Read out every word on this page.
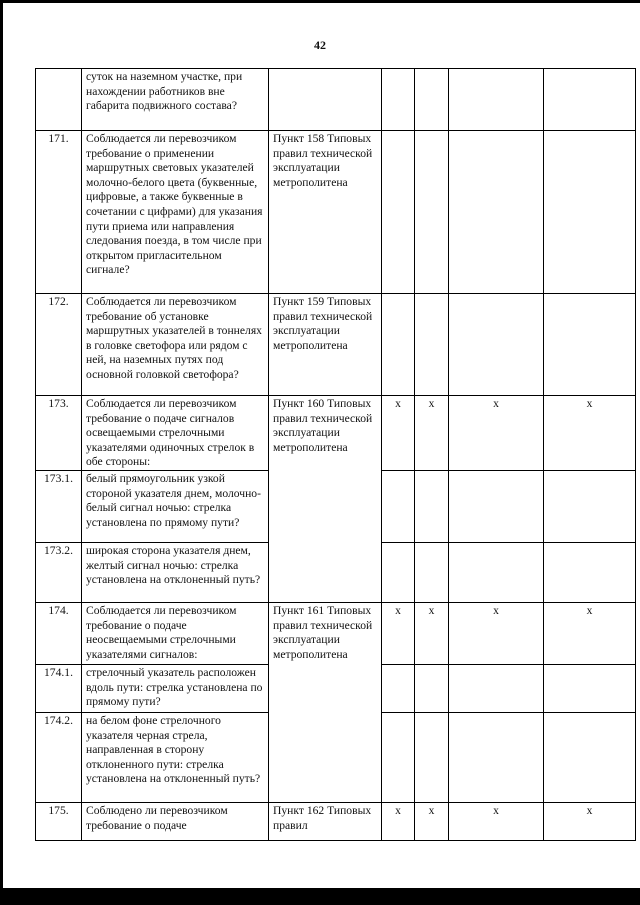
42
	суток на наземном участке, при нахождении работников вне габарита подвижного состава?					
171.	Соблюдается ли перевозчиком требование о применении маршрутных световых указателей молочно-белого цвета (буквенные, цифровые, а также буквенные в сочетании с цифрами) для указания пути приема или направления следования поезда, в том числе при открытом пригласительном сигнале?	Пункт 158 Типовых правил технической эксплуатации метрополитена				
172.	Соблюдается ли перевозчиком требование об установке маршрутных указателей в тоннелях в головке светофора или рядом с ней, на наземных путях под основной головкой светофора?	Пункт 159 Типовых правил технической эксплуатации метрополитена				
173.	Соблюдается ли перевозчиком требование о подаче сигналов освещаемыми стрелочными указателями одиночных стрелок в обе стороны:	Пункт 160 Типовых правил технической эксплуатации метрополитена	x	x	x	x
173.1.	белый прямоугольник узкой стороной указателя днем, молочно-белый сигнал ночью: стрелка установлена по прямому пути?					
173.2.	широкая сторона указателя днем, желтый сигнал ночью: стрелка установлена на отклоненный путь?					
174.	Соблюдается ли перевозчиком требование о подаче неосвещаемыми стрелочными указателями сигналов:	Пункт 161 Типовых правил технической эксплуатации метрополитена	x	x	x	x
174.1.	стрелочный указатель расположен вдоль пути: стрелка установлена по прямому пути?					
174.2.	на белом фоне стрелочного указателя черная стрела, направленная в сторону отклоненного пути: стрелка установлена на отклоненный путь?					
175.	Соблюдено ли перевозчиком требование о подаче	Пункт 162 Типовых правил	x	x	x	x
